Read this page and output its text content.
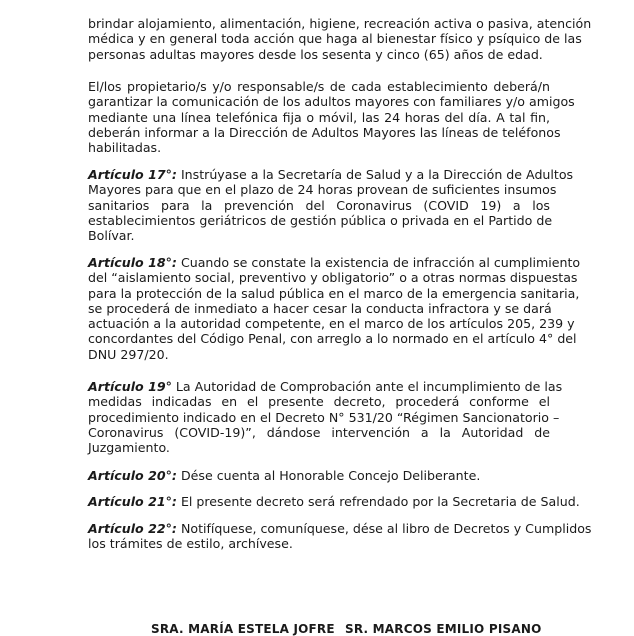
brindar alojamiento, alimentación, higiene, recreación activa o pasiva, atención
médica y en general toda acción que haga al bienestar físico y psíquico de las
personas adultas mayores desde los sesenta y cinco (65) años de edad.

El/los propietario/s y/o responsable/s de cada establecimiento deberá/n
garantizar la comunicación de los adultos mayores con familiares y/o amigos
mediante una línea telefónica fija o móvil, las 24 horas del día. A tal fin,
deberán informar a la Dirección de Adultos Mayores las líneas de teléfonos
habilitadas.

Artículo 17°: Instrúyase a la Secretaría de Salud y a la Dirección de Adultos
Mayores para que en el plazo de 24 horas provean de suficientes insumos
sanitarios para la prevención del Coronavirus (COVID 19) a los
establecimientos geriátricos de gestión pública o privada en el Partido de
Bolívar.

Artículo 18°: Cuando se constate la existencia de infracción al cumplimiento
del “aislamiento social, preventivo y obligatorio” o a otras normas dispuestas
para la protección de la salud pública en el marco de la emergencia sanitaria,
se procederá de inmediato a hacer cesar la conducta infractora y se dará
actuación a la autoridad competente, en el marco de los artículos 205, 239 y
concordantes del Código Penal, con arreglo a lo normado en el artículo 4° del
DNU 297/20.

Artículo 19° La Autoridad de Comprobación ante el incumplimiento de las
medidas indicadas en el presente decreto, procederá conforme el
procedimiento indicado en el Decreto N° 531/20 “Régimen Sancionatorio –
Coronavirus (COVID-19)”, dándose intervención a la Autoridad de
Juzgamiento.

Artículo 20°: Dése cuenta al Honorable Concejo Deliberante.

Artículo 21°: El presente decreto será refrendado por la Secretaria de Salud.

Artículo 22°: Notifíquese, comuníquese, dése al libro de Decretos y Cumplidos
los trámites de estilo, archívese.

SRA. MARÍA ESTELA JOFRE SR. MARCOS EMILIO PISANO
